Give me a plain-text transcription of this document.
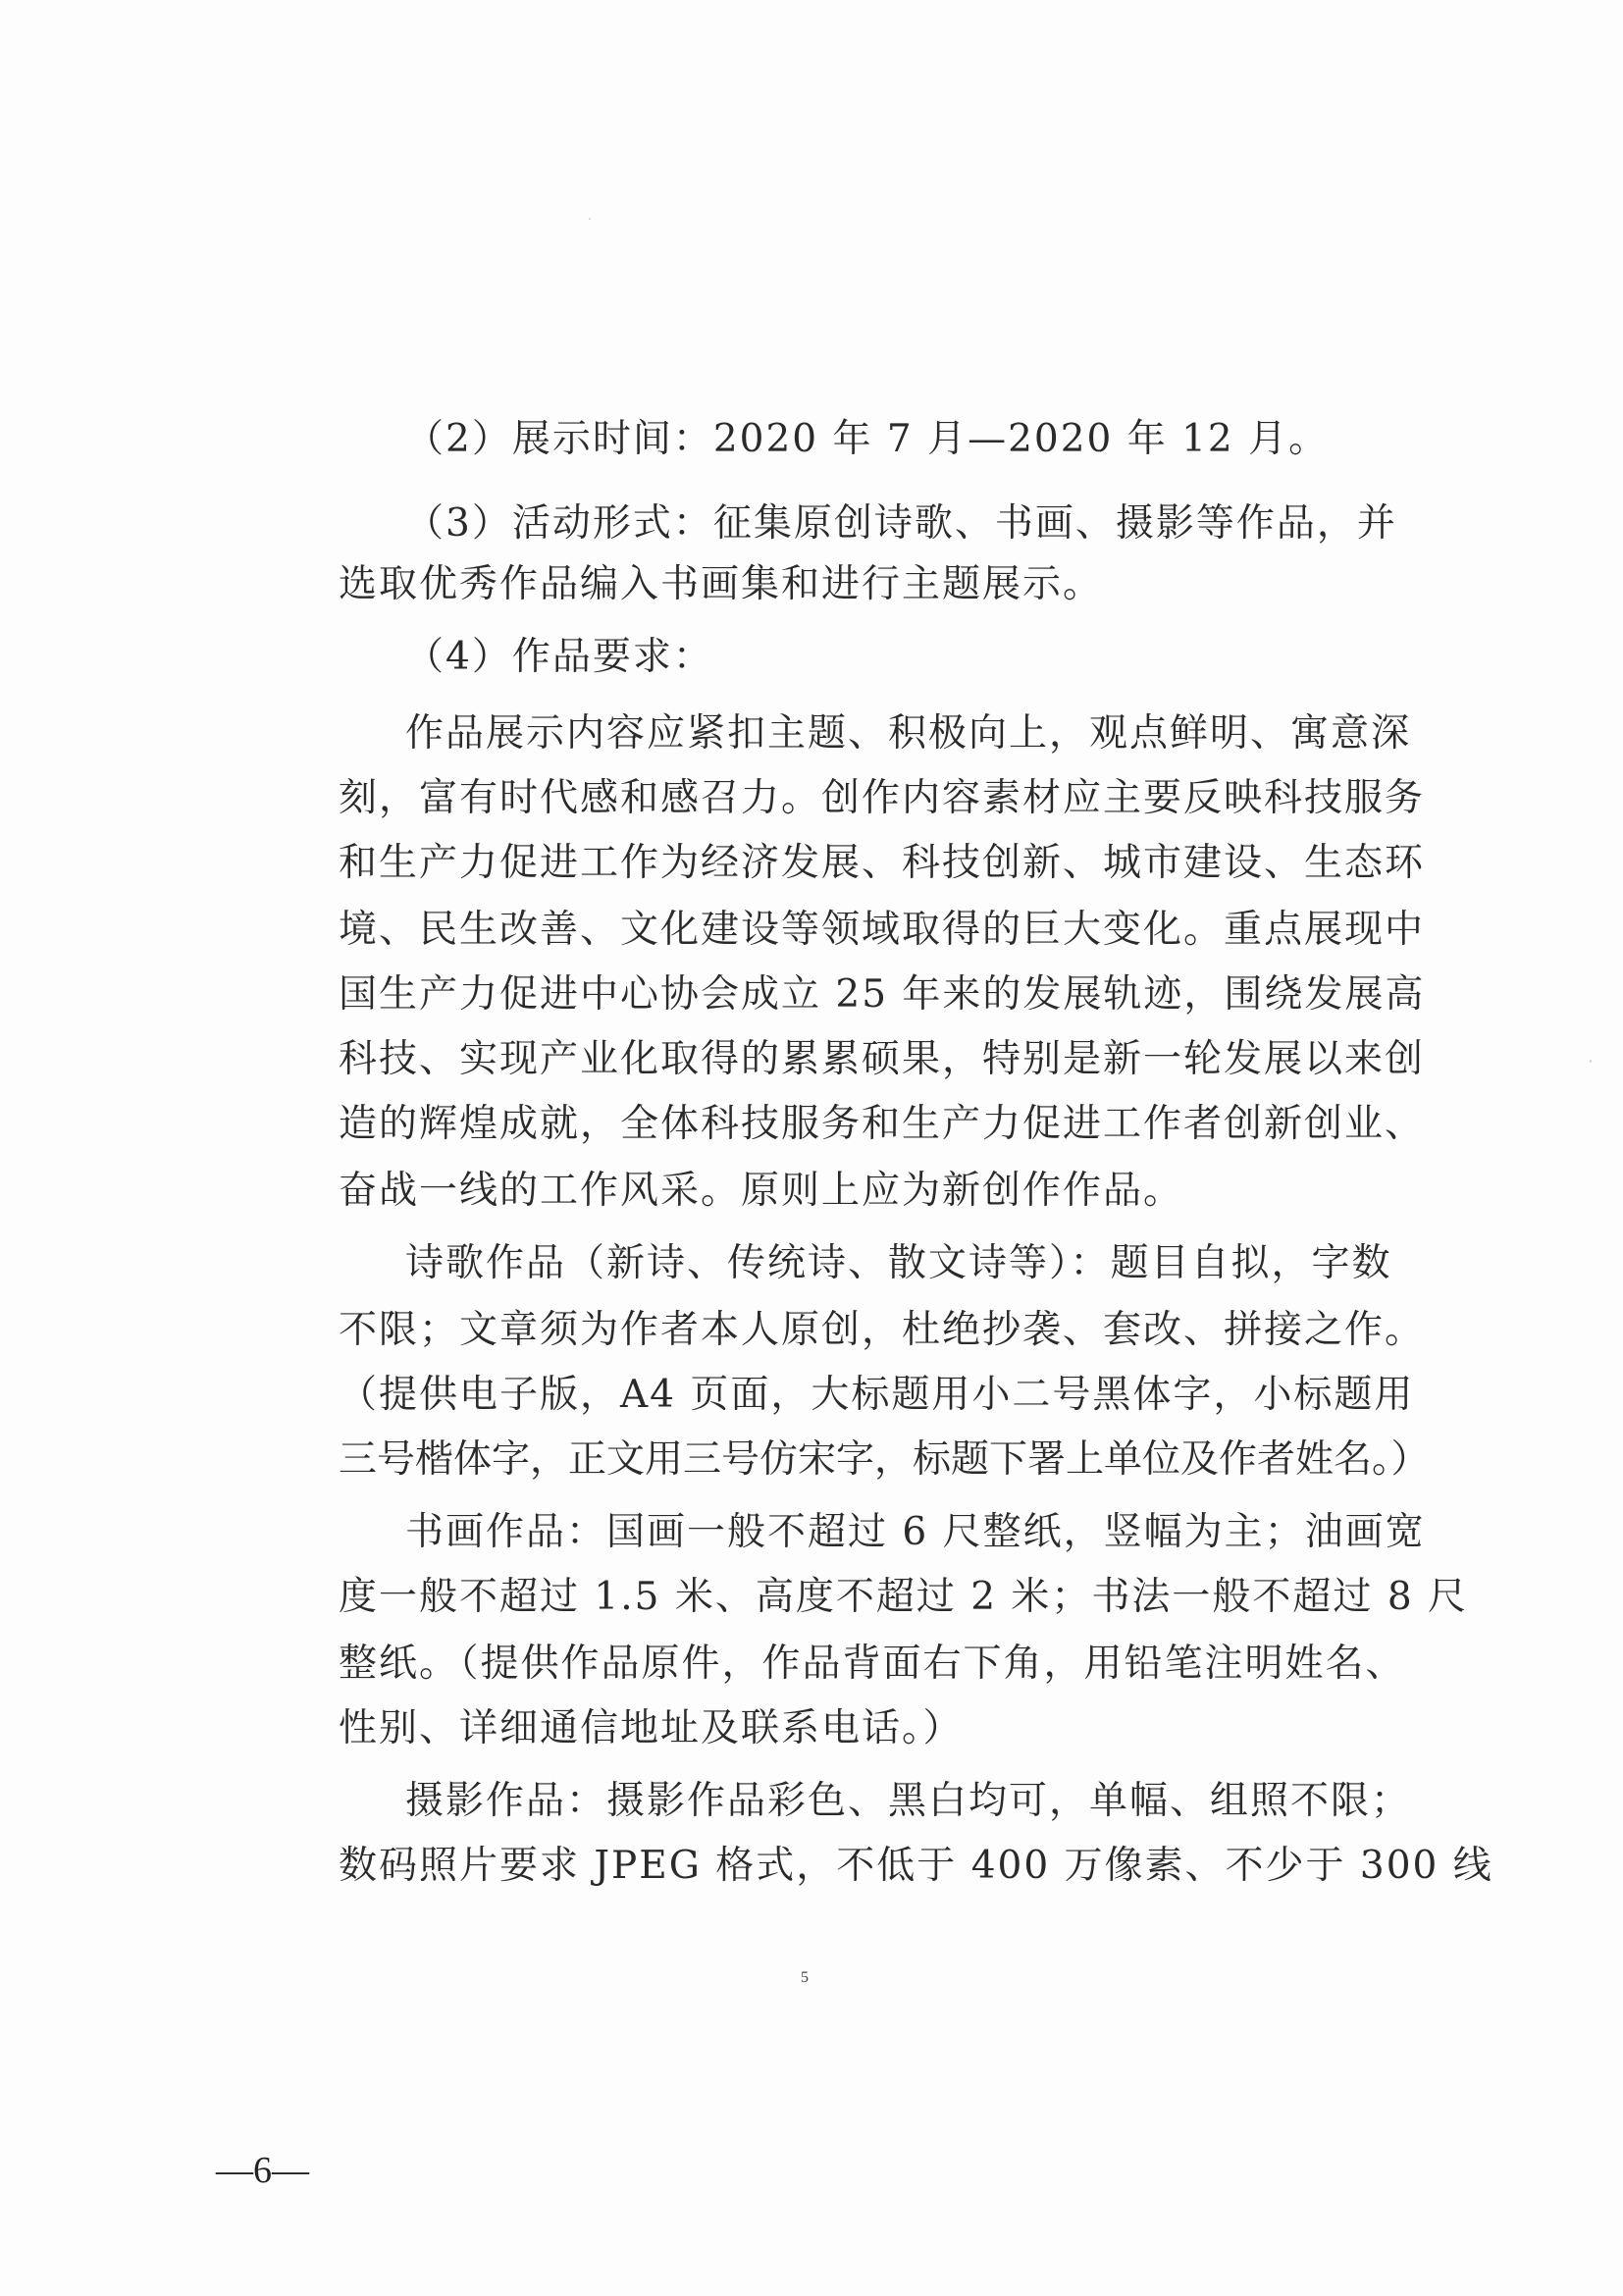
（2）展示时间：2020 年 7 月—2020 年 12 月。
（3）活动形式：征集原创诗歌、书画、摄影等作品，并
选取优秀作品编入书画集和进行主题展示。
（4）作品要求：
作品展示内容应紧扣主题、积极向上，观点鲜明、寓意深
刻，富有时代感和感召力。创作内容素材应主要反映科技服务
和生产力促进工作为经济发展、科技创新、城市建设、生态环
境、民生改善、文化建设等领域取得的巨大变化。重点展现中
国生产力促进中心协会成立 25 年来的发展轨迹，围绕发展高
科技、实现产业化取得的累累硕果，特别是新一轮发展以来创
造的辉煌成就，全体科技服务和生产力促进工作者创新创业、
奋战一线的工作风采。原则上应为新创作作品。
诗歌作品（新诗、传统诗、散文诗等）：题目自拟，字数
不限；文章须为作者本人原创，杜绝抄袭、套改、拼接之作。
（提供电子版，A4 页面，大标题用小二号黑体字，小标题用
三号楷体字，正文用三号仿宋字，标题下署上单位及作者姓名。）
书画作品：国画一般不超过 6 尺整纸，竖幅为主；油画宽
度一般不超过 1.5 米、高度不超过 2 米；书法一般不超过 8 尺
整纸。（提供作品原件，作品背面右下角，用铅笔注明姓名、
性别、详细通信地址及联系电话。）
摄影作品：摄影作品彩色、黑白均可，单幅、组照不限；
数码照片要求 JPEG 格式，不低于 400 万像素、不少于 300 线
5
—6—
